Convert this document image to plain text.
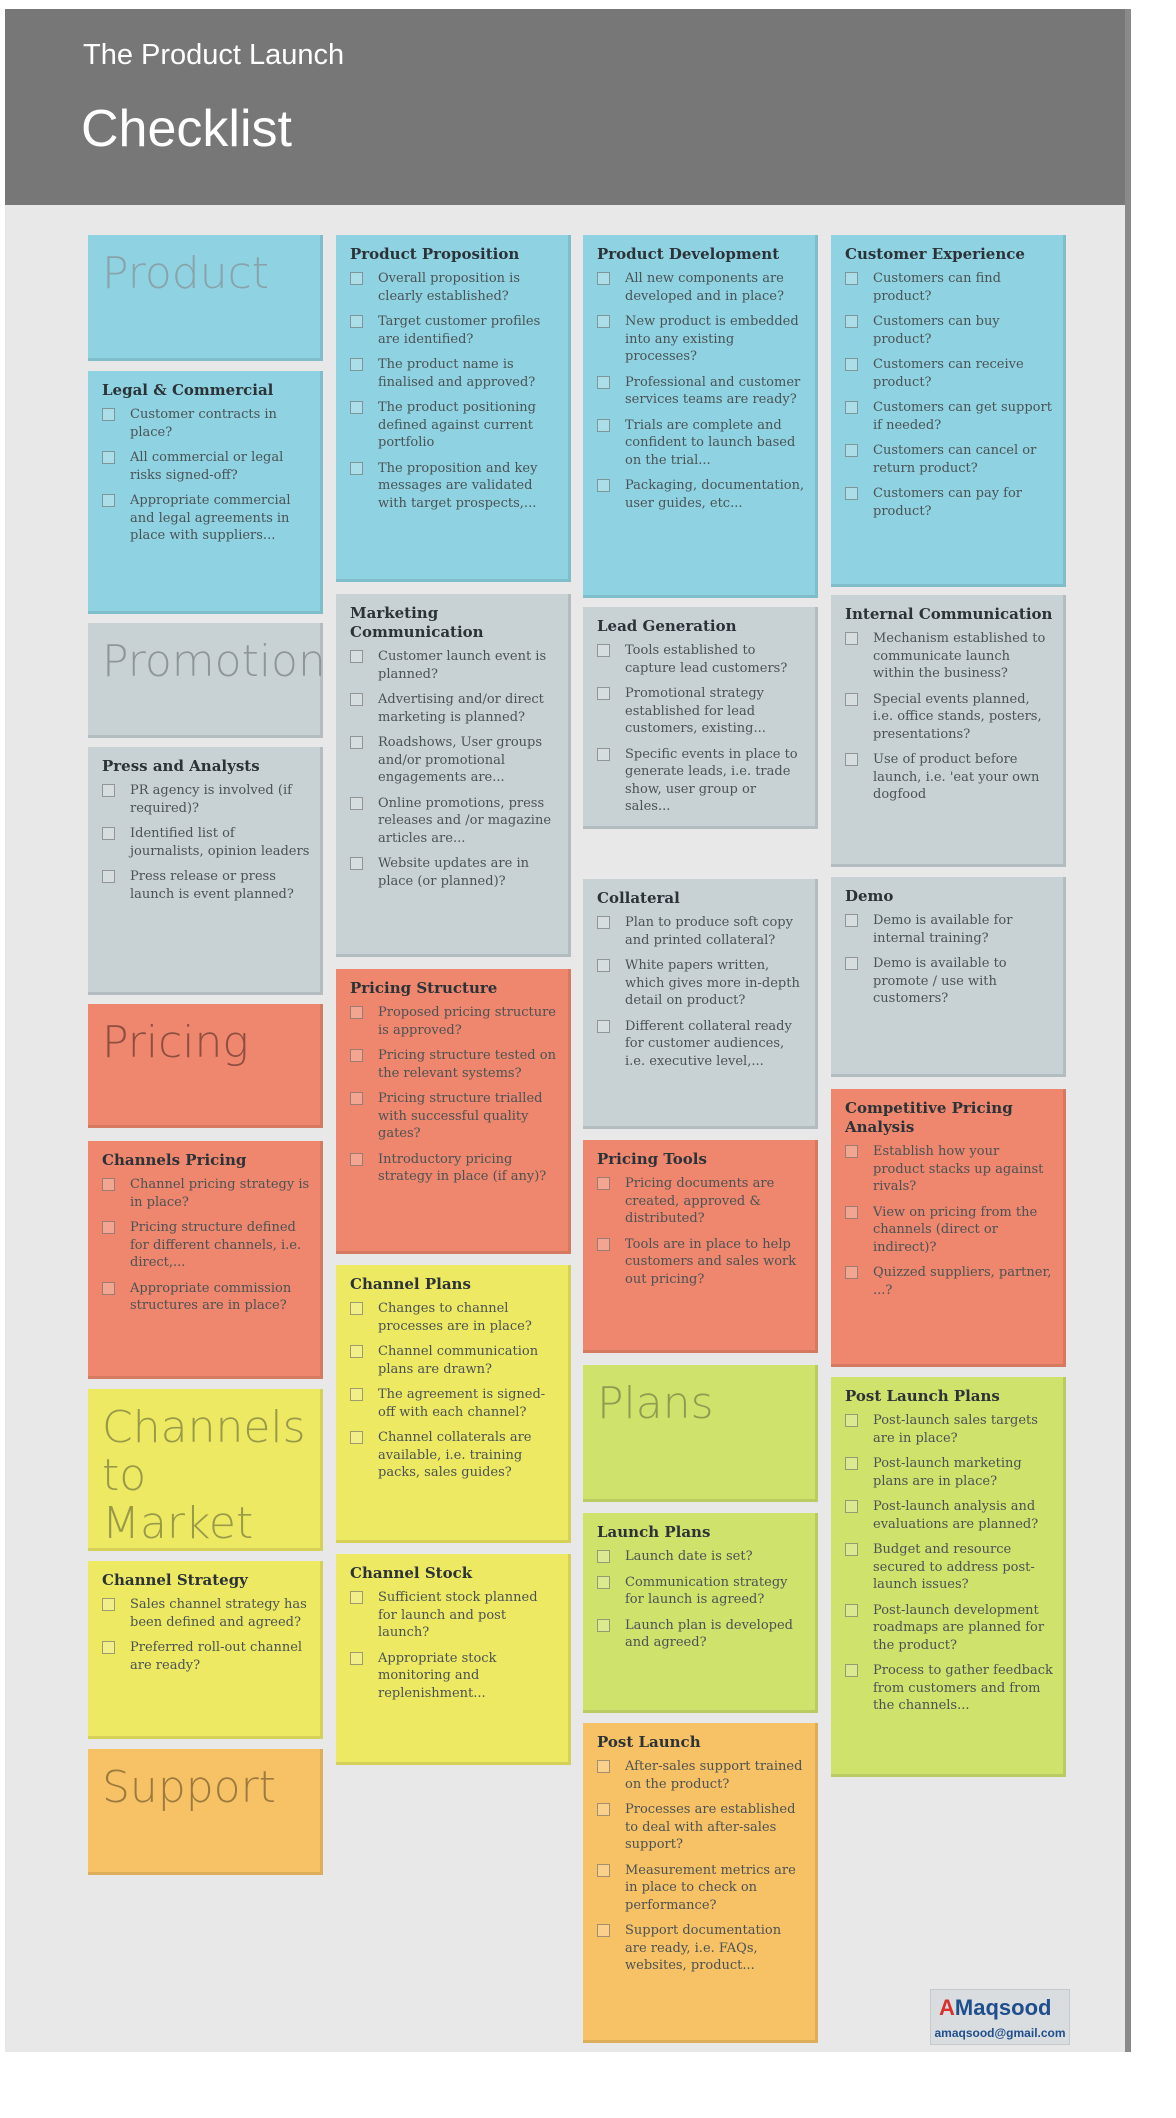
The Product Launch
Checklist
Product
Legal & Commercial
Customer contracts in place?
All commercial or legal risks signed-off?
Appropriate commercial and legal agreements in place with suppliers...
Promotion
Press and Analysts
PR agency is involved (if required)?
Identified list of journalists, opinion leaders
Press release or press launch is event planned?
Pricing
Channels Pricing
Channel pricing strategy is in place?
Pricing structure defined for different channels, i.e. direct,...
Appropriate commission structures are in place?
Channels to Market
Channel Strategy
Sales channel strategy has been defined and agreed?
Preferred roll-out channel are ready?
Support
Product Proposition
Overall proposition is clearly established?
Target customer profiles are identified?
The product name is finalised and approved?
The product positioning defined against current portfolio
The proposition and key messages are validated with target prospects,...
Marketing Communication
Customer launch event is planned?
Advertising and/or direct marketing is planned?
Roadshows, User groups and/or promotional engagements are...
Online promotions, press releases and /or magazine articles are...
Website updates are in place (or planned)?
Pricing Structure
Proposed pricing structure is approved?
Pricing structure tested on the relevant systems?
Pricing structure trialled with successful quality gates?
Introductory pricing strategy in place (if any)?
Channel Plans
Changes to channel processes are in place?
Channel communication plans are drawn?
The agreement is signed-off with each channel?
Channel collaterals are available, i.e. training packs, sales guides?
Channel Stock
Sufficient stock planned for launch and post launch?
Appropriate stock monitoring and replenishment...
Product Development
All new components are developed and in place?
New product is embedded into any existing processes?
Professional and customer services teams are ready?
Trials are complete and confident to launch based on the trial...
Packaging, documentation, user guides, etc...
Lead Generation
Tools established to capture lead customers?
Promotional strategy established for lead customers, existing...
Specific events in place to generate leads, i.e. trade show, user group or sales...
Collateral
Plan to produce soft copy and printed collateral?
White papers written, which gives more in-depth detail on product?
Different collateral ready for customer audiences, i.e. executive level,...
Pricing Tools
Pricing documents are created, approved & distributed?
Tools are in place to help customers and sales work out pricing?
Plans
Launch Plans
Launch date is set?
Communication strategy for launch is agreed?
Launch plan is developed and agreed?
Post Launch
After-sales support trained on the product?
Processes are established to deal with after-sales support?
Measurement metrics are in place to check on performance?
Support documentation are ready, i.e. FAQs, websites, product...
Customer Experience
Customers can find product?
Customers can buy product?
Customers can receive product?
Customers can get support if needed?
Customers can cancel or return product?
Customers can pay for product?
Internal Communication
Mechanism established to communicate launch within the business?
Special events planned, i.e. office stands, posters, presentations?
Use of product before launch, i.e. 'eat your own dogfood
Demo
Demo is available for internal training?
Demo is available to promote / use with customers?
Competitive Pricing Analysis
Establish how your product stacks up against rivals?
View on pricing from the channels (direct or indirect)?
Quizzed suppliers, partner, ...?
Post Launch Plans
Post-launch sales targets are in place?
Post-launch marketing plans are in place?
Post-launch analysis and evaluations are planned?
Budget and resource secured to address post-launch issues?
Post-launch development roadmaps are planned for the product?
Process to gather feedback from customers and from the channels...
AMaqsood
amaqsood@gmail.com
